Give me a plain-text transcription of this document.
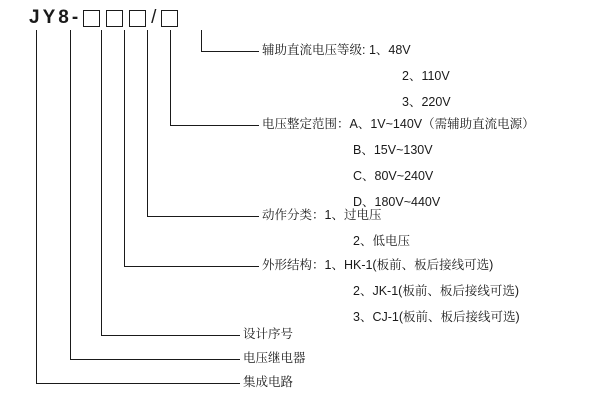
J Y 8 -	/
辅助直流电压等级: 1、48V
2、110V
3、220V
电压整定范围：A、1V~140V（需辅助直流电源）
B、15V~130V
C、80V~240V
D、180V~440V
动作分类：1、过电压
2、低电压
外形结构：1、HK-1(板前、板后接线可选)
2、JK-1(板前、板后接线可选)
3、CJ-1(板前、板后接线可选)
设计序号
电压继电器
集成电路
